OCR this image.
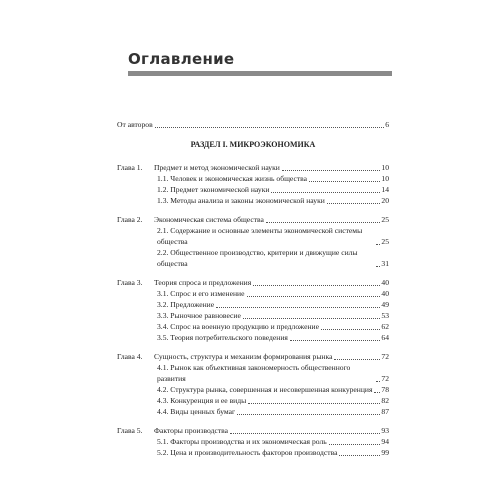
Оглавление
От авторов	6
РАЗДЕЛ I. МИКРОЭКОНОМИКА
Глава 1.	Предмет и метод экономической науки	10
1.1. Человек и экономическая жизнь общества	10
1.2. Предмет экономической науки	14
1.3. Методы анализа и законы экономической науки	20
Глава 2.	Экономическая система общества	25
2.1. Содержание и основные элементы экономической системы общества	25
2.2. Общественное производство, критерии и движущие силы общества	31
Глава 3.	Теория спроса и предложения	40
3.1. Спрос и его изменение	40
3.2. Предложение	49
3.3. Рыночное равновесие	53
3.4. Спрос на военную продукцию и предложение	62
3.5. Теория потребительского поведения	64
Глава 4.	Сущность, структура и механизм формирования рынка	72
4.1. Рынок как объективная закономерность общественного развития	72
4.2. Структура рынка, совершенная и несовершенная конкуренция 78
4.3. Конкуренция и ее виды	82
4.4. Виды ценных бумаг	87
Глава 5.	Факторы производства	93
5.1. Факторы производства и их экономическая роль	94
5.2. Цена и производительность факторов производства	99
